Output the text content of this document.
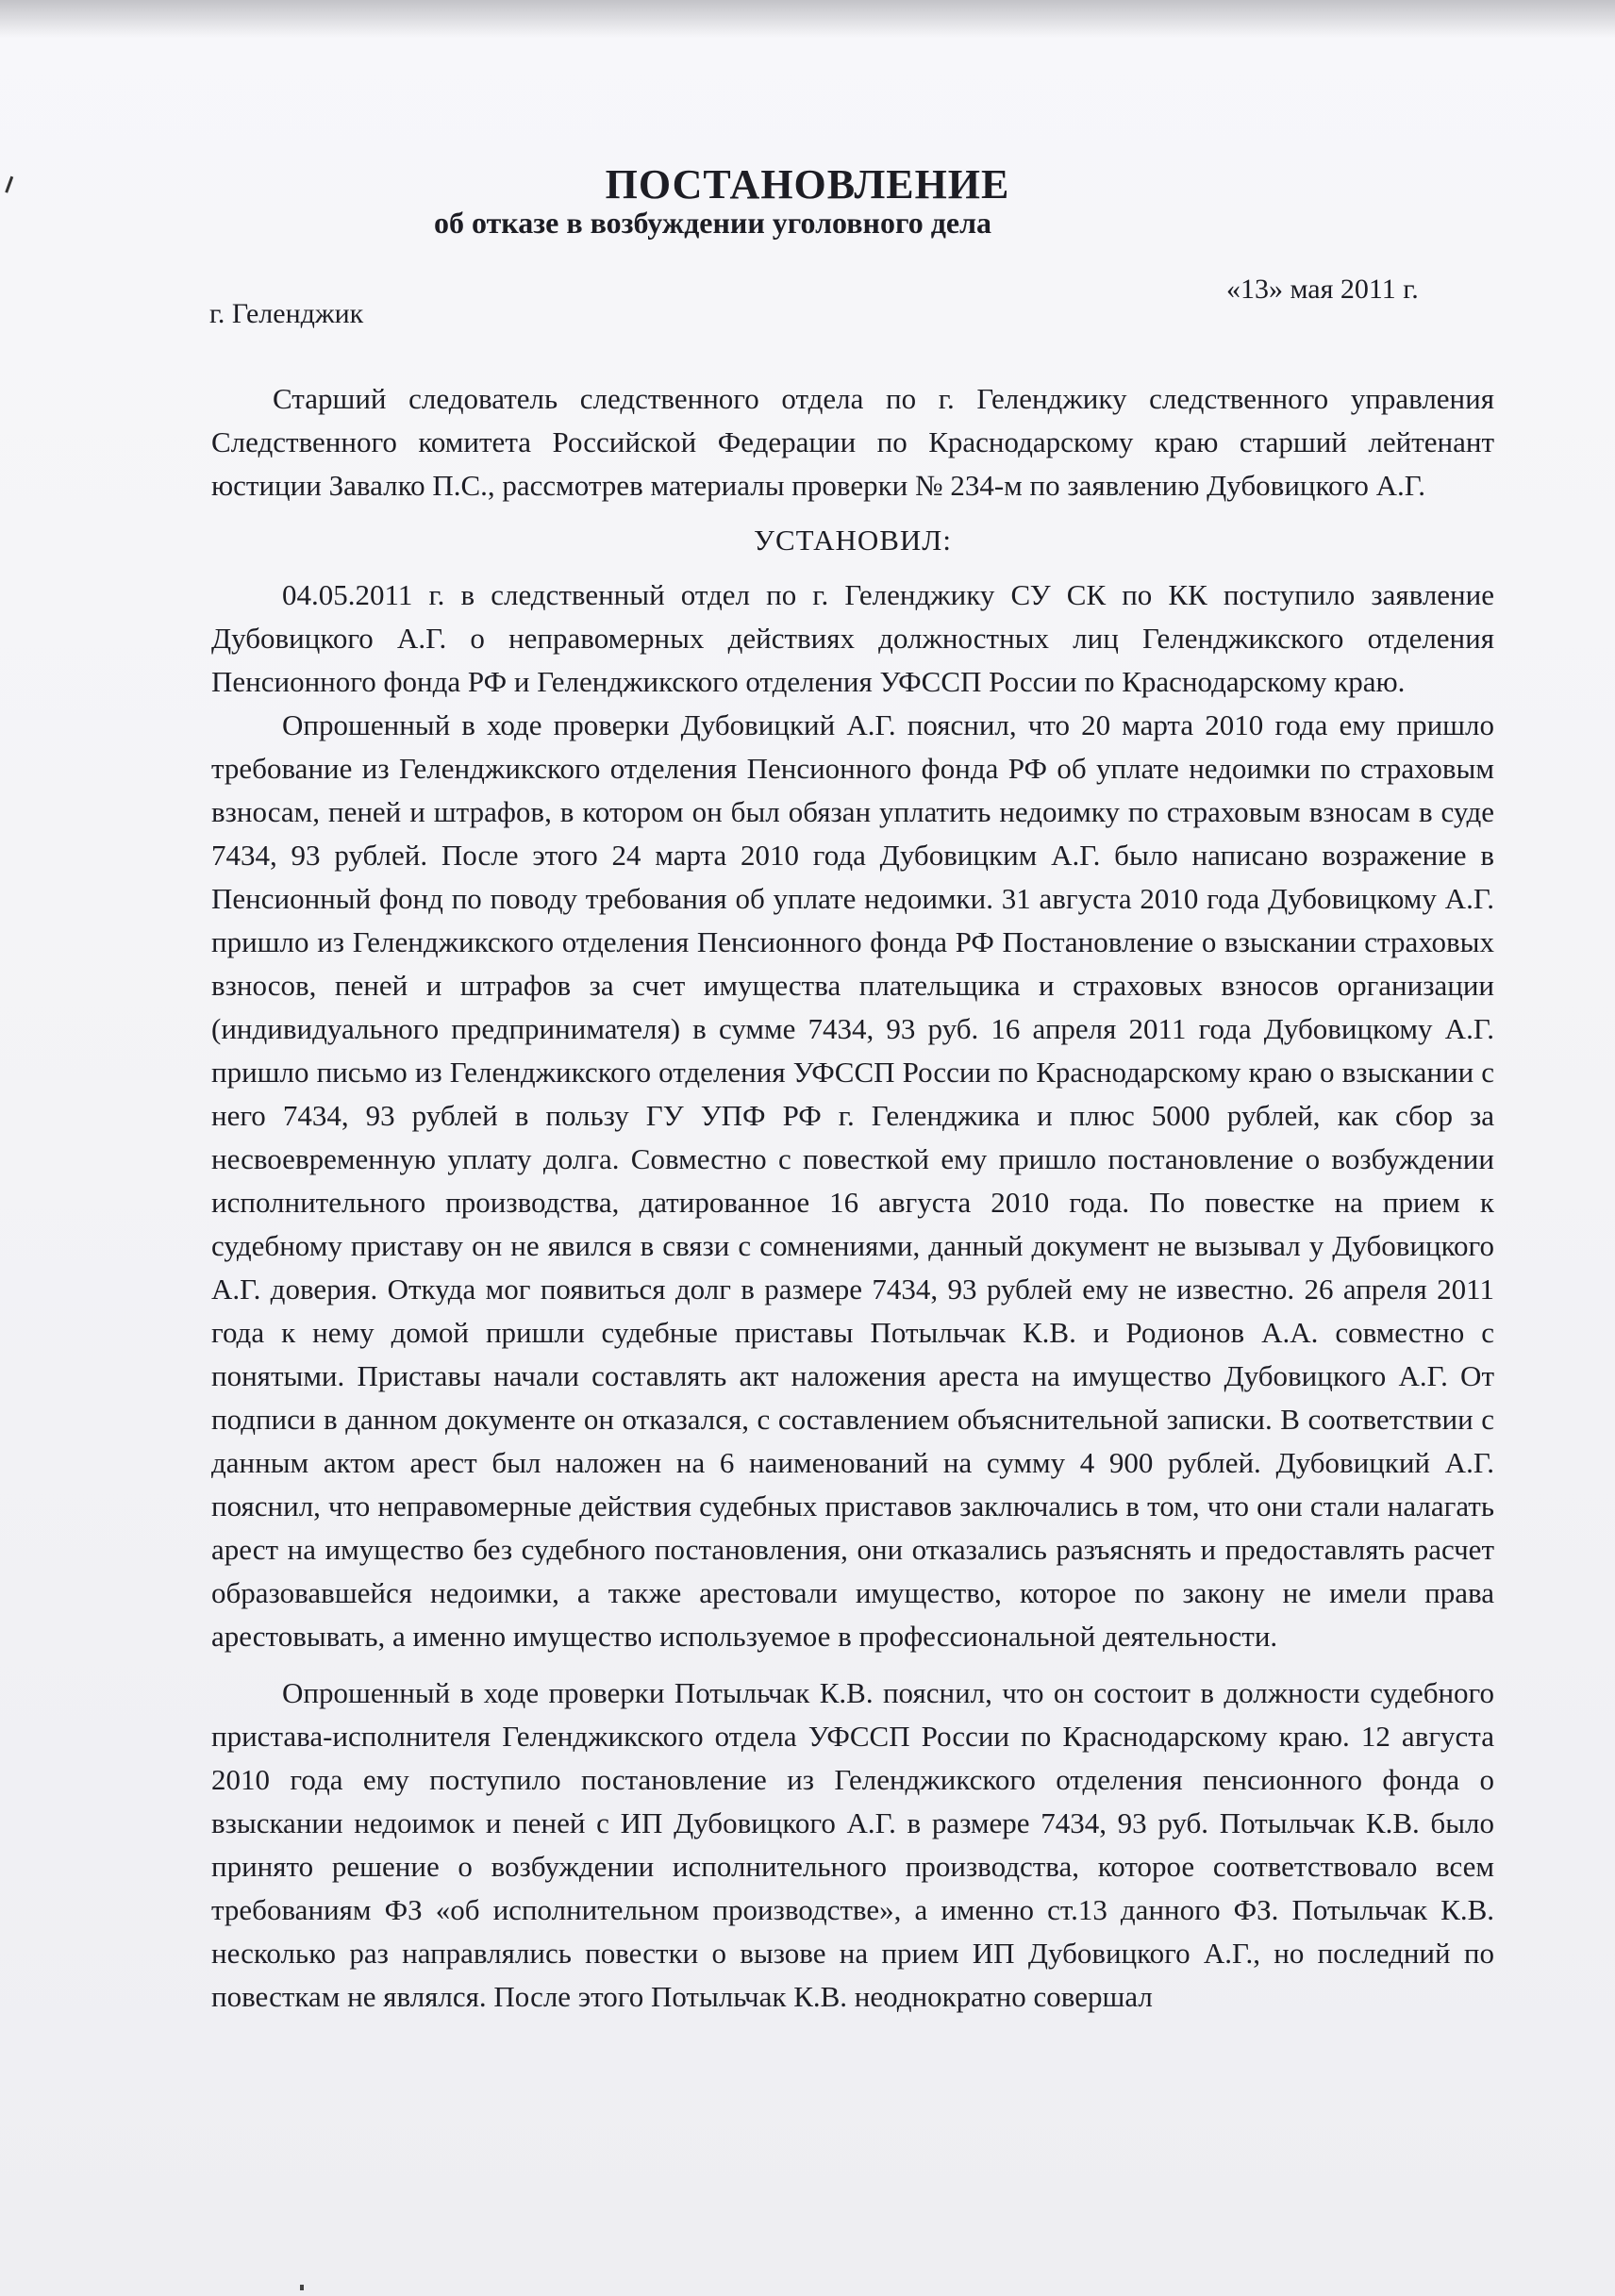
ПОСТАНОВЛЕНИЕ
об отказе в возбуждении уголовного дела
«13» мая 2011 г.
г. Геленджик

Старший следователь следственного отдела по г. Геленджику следственного управления Следственного комитета Российской Федерации по Краснодарскому краю старший лейтенант юстиции Завалко П.С., рассмотрев материалы проверки № 234-м по заявлению Дубовицкого А.Г.

УСТАНОВИЛ:

04.05.2011 г. в следственный отдел по г. Геленджику СУ СК по КК поступило заявление Дубовицкого А.Г. о неправомерных действиях должностных лиц Геленджикского отделения Пенсионного фонда РФ и Геленджикского отделения УФССП России по Краснодарскому краю.

Опрошенный в ходе проверки Дубовицкий А.Г. пояснил, что 20 марта 2010 года ему пришло требование из Геленджикского отделения Пенсионного фонда РФ об уплате недоимки по страховым взносам, пеней и штрафов, в котором он был обязан уплатить недоимку по страховым взносам в суде 7434, 93 рублей. После этого 24 марта 2010 года Дубовицким А.Г. было написано возражение в Пенсионный фонд по поводу требования об уплате недоимки. 31 августа 2010 года Дубовицкому А.Г. пришло из Геленджикского отделения Пенсионного фонда РФ Постановление о взыскании страховых взносов, пеней и штрафов за счет имущества плательщика и страховых взносов организации (индивидуального предпринимателя) в сумме 7434, 93 руб. 16 апреля 2011 года Дубовицкому А.Г. пришло письмо из Геленджикского отделения УФССП России по Краснодарскому краю о взыскании с него 7434, 93 рублей в пользу ГУ УПФ РФ г. Геленджика и плюс 5000 рублей, как сбор за несвоевременную уплату долга. Совместно с повесткой ему пришло постановление о возбуждении исполнительного производства, датированное 16 августа 2010 года. По повестке на прием к судебному приставу он не явился в связи с сомнениями, данный документ не вызывал у Дубовицкого А.Г. доверия. Откуда мог появиться долг в размере 7434, 93 рублей ему не известно. 26 апреля 2011 года к нему домой пришли судебные приставы Потыльчак К.В. и Родионов А.А. совместно с понятыми. Приставы начали составлять акт наложения ареста на имущество Дубовицкого А.Г. От подписи в данном документе он отказался, с составлением объяснительной записки. В соответствии с данным актом арест был наложен на 6 наименований на сумму 4 900 рублей. Дубовицкий А.Г. пояснил, что неправомерные действия судебных приставов заключались в том, что они стали налагать арест на имущество без судебного постановления, они отказались разъяснять и предоставлять расчет образовавшейся недоимки, а также арестовали имущество, которое по закону не имели права арестовывать, а именно имущество используемое в профессиональной деятельности.

Опрошенный в ходе проверки Потыльчак К.В. пояснил, что он состоит в должности судебного пристава-исполнителя Геленджикского отдела УФССП России по Краснодарскому краю. 12 августа 2010 года ему поступило постановление из Геленджикского отделения пенсионного фонда о взыскании недоимок и пеней с ИП Дубовицкого А.Г. в размере 7434, 93 руб. Потыльчак К.В. было принято решение о возбуждении исполнительного производства, которое соответствовало всем требованиям ФЗ «об исполнительном производстве», а именно ст.13 данного ФЗ. Потыльчак К.В. несколько раз направлялись повестки о вызове на прием ИП Дубовицкого А.Г., но последний по повесткам не являлся. После этого Потыльчак К.В. неоднократно совершал
